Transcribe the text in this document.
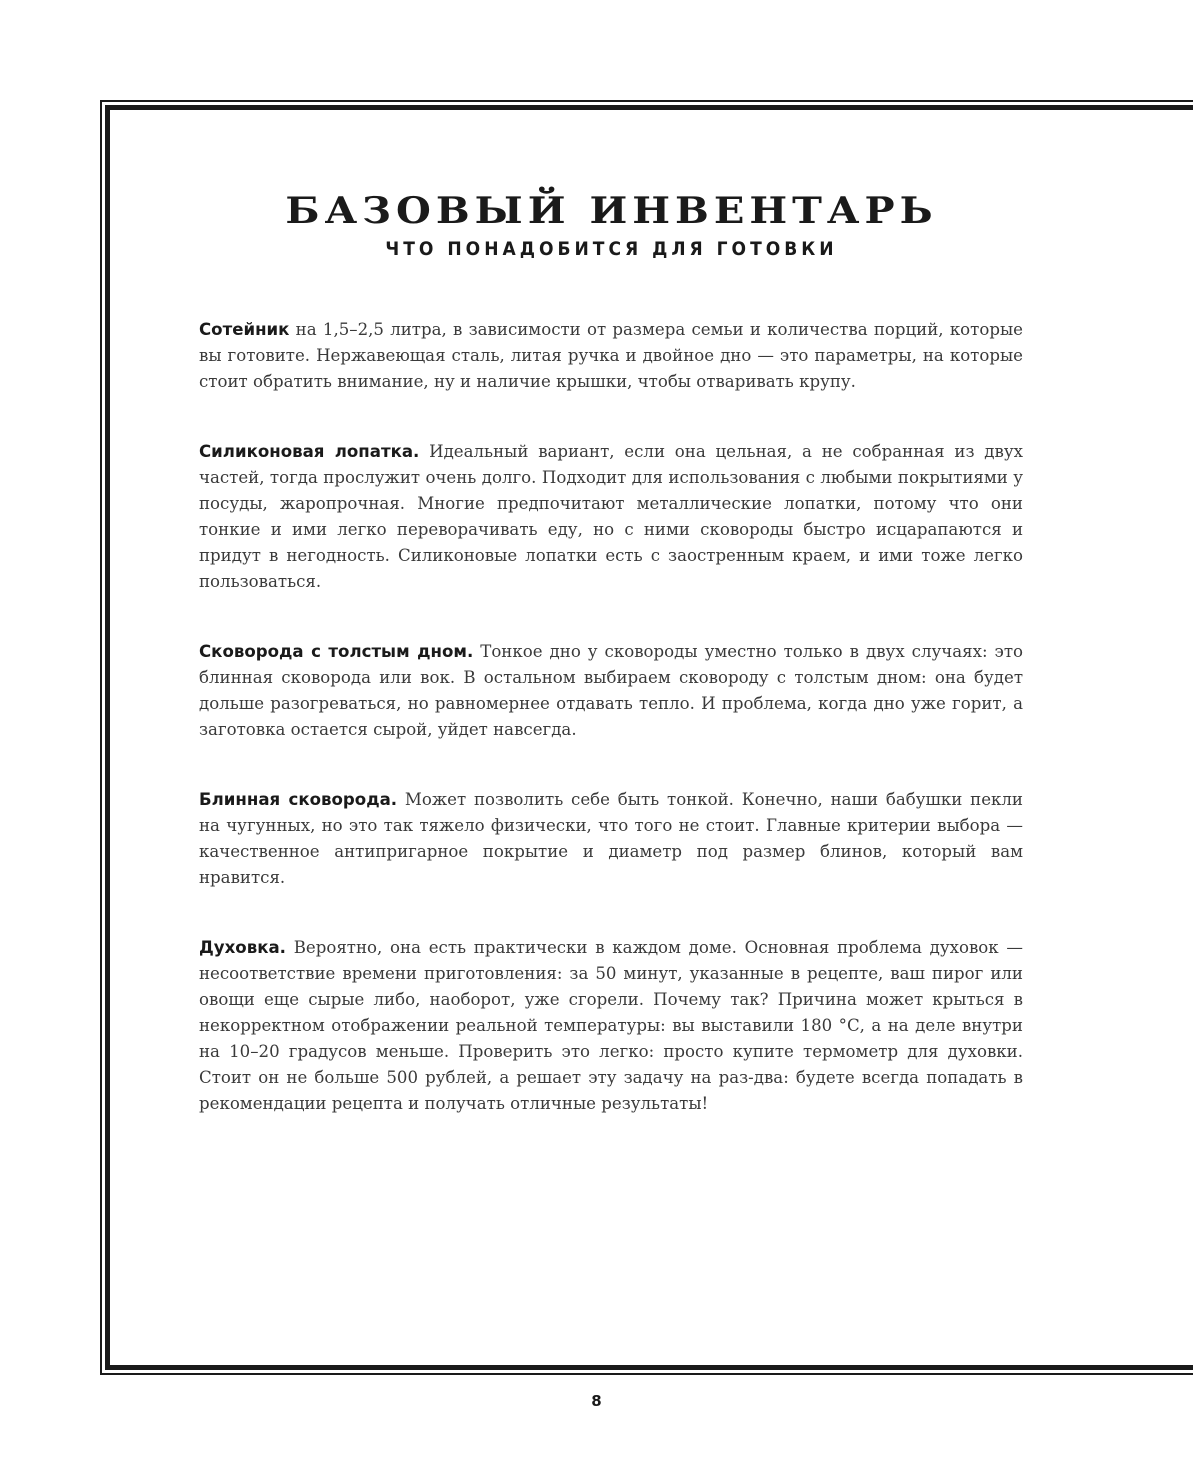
БАЗОВЫЙ ИНВЕНТАРЬ
ЧТО ПОНАДОБИТСЯ ДЛЯ ГОТОВКИ

Сотейник на 1,5–2,5 литра, в зависимости от размера семьи и количества порций, которые вы готовите. Нержавеющая сталь, литая ручка и двойное дно — это параметры, на которые стоит обратить внимание, ну и наличие крышки, чтобы отваривать крупу.

Силиконовая лопатка. Идеальный вариант, если она цельная, а не собранная из двух частей, тогда прослужит очень долго. Подходит для использования с любыми покрытиями у посуды, жаропрочная. Многие предпочитают металлические лопатки, потому что они тонкие и ими легко переворачивать еду, но с ними сковороды быстро исцарапаются и придут в негодность. Силиконовые лопатки есть с заостренным краем, и ими тоже легко пользоваться.

Сковорода с толстым дном. Тонкое дно у сковороды уместно только в двух случаях: это блинная сковорода или вок. В остальном выбираем сковороду с толстым дном: она будет дольше разогреваться, но равномернее отдавать тепло. И проблема, когда дно уже горит, а заготовка остается сырой, уйдет навсегда.

Блинная сковорода. Может позволить себе быть тонкой. Конечно, наши бабушки пекли на чугунных, но это так тяжело физически, что того не стоит. Главные критерии выбора — качественное антипригарное покрытие и диаметр под размер блинов, который вам нравится.

Духовка. Вероятно, она есть практически в каждом доме. Основная проблема духовок — несоответствие времени приготовления: за 50 минут, указанные в рецепте, ваш пирог или овощи еще сырые либо, наоборот, уже сгорели. Почему так? Причина может крыться в некорректном отображении реальной температуры: вы выставили 180 °С, а на деле внутри на 10–20 градусов меньше. Проверить это легко: просто купите термометр для духовки. Стоит он не больше 500 рублей, а решает эту задачу на раз-два: будете всегда попадать в рекомендации рецепта и получать отличные результаты!

8
